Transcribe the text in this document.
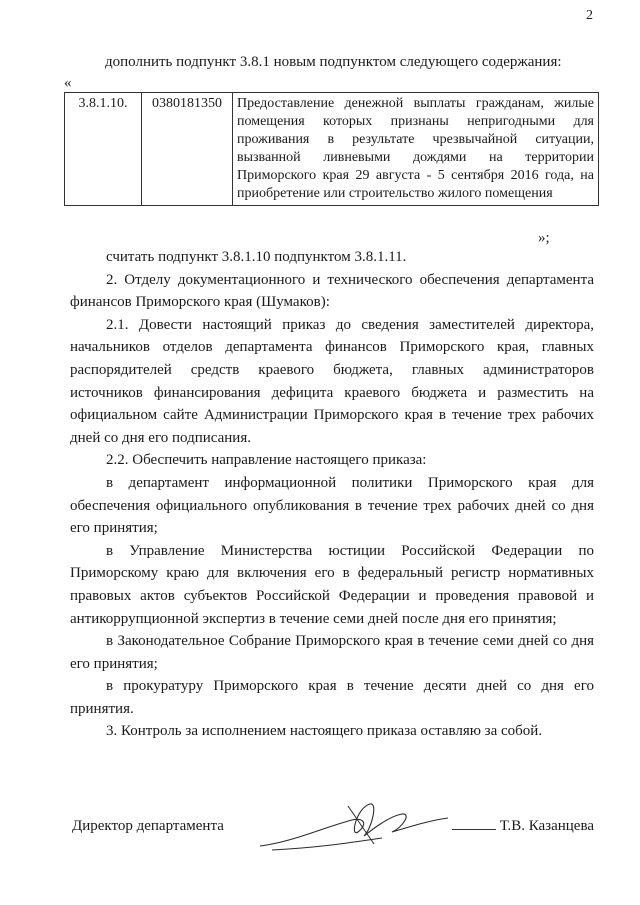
2
дополнить подпункт 3.8.1 новым подпунктом следующего содержания:
«
3.8.1.10.	0380181350	Предоставление денежной выплаты гражданам, жилые помещения которых признаны непригодными для проживания в результате чрезвычайной ситуации, вызванной ливневыми дождями на территории Приморского края 29 августа - 5 сентября 2016 года, на приобретение или строительство жилого помещения
»;

считать подпункт 3.8.1.10 подпунктом 3.8.1.11.

2. Отделу документационного и технического обеспечения департамента финансов Приморского края (Шумаков):

2.1. Довести настоящий приказ до сведения заместителей директора, начальников отделов департамента финансов Приморского края, главных распорядителей средств краевого бюджета, главных администраторов источников финансирования дефицита краевого бюджета и разместить на официальном сайте Администрации Приморского края в течение трех рабочих дней со дня его подписания.

2.2. Обеспечить направление настоящего приказа:

в департамент информационной политики Приморского края для обеспечения официального опубликования в течение трех рабочих дней со дня его принятия;

в Управление Министерства юстиции Российской Федерации по Приморскому краю для включения его в федеральный регистр нормативных правовых актов субъектов Российской Федерации и проведения правовой и антикоррупционной экспертиз в течение семи дней после дня его принятия;

в Законодательное Собрание Приморского края в течение семи дней со дня его принятия;

в прокуратуру Приморского края в течение десяти дней со дня его принятия.

3. Контроль за исполнением настоящего приказа оставляю за собой.

Директор департамента	Т.В. Казанцева
